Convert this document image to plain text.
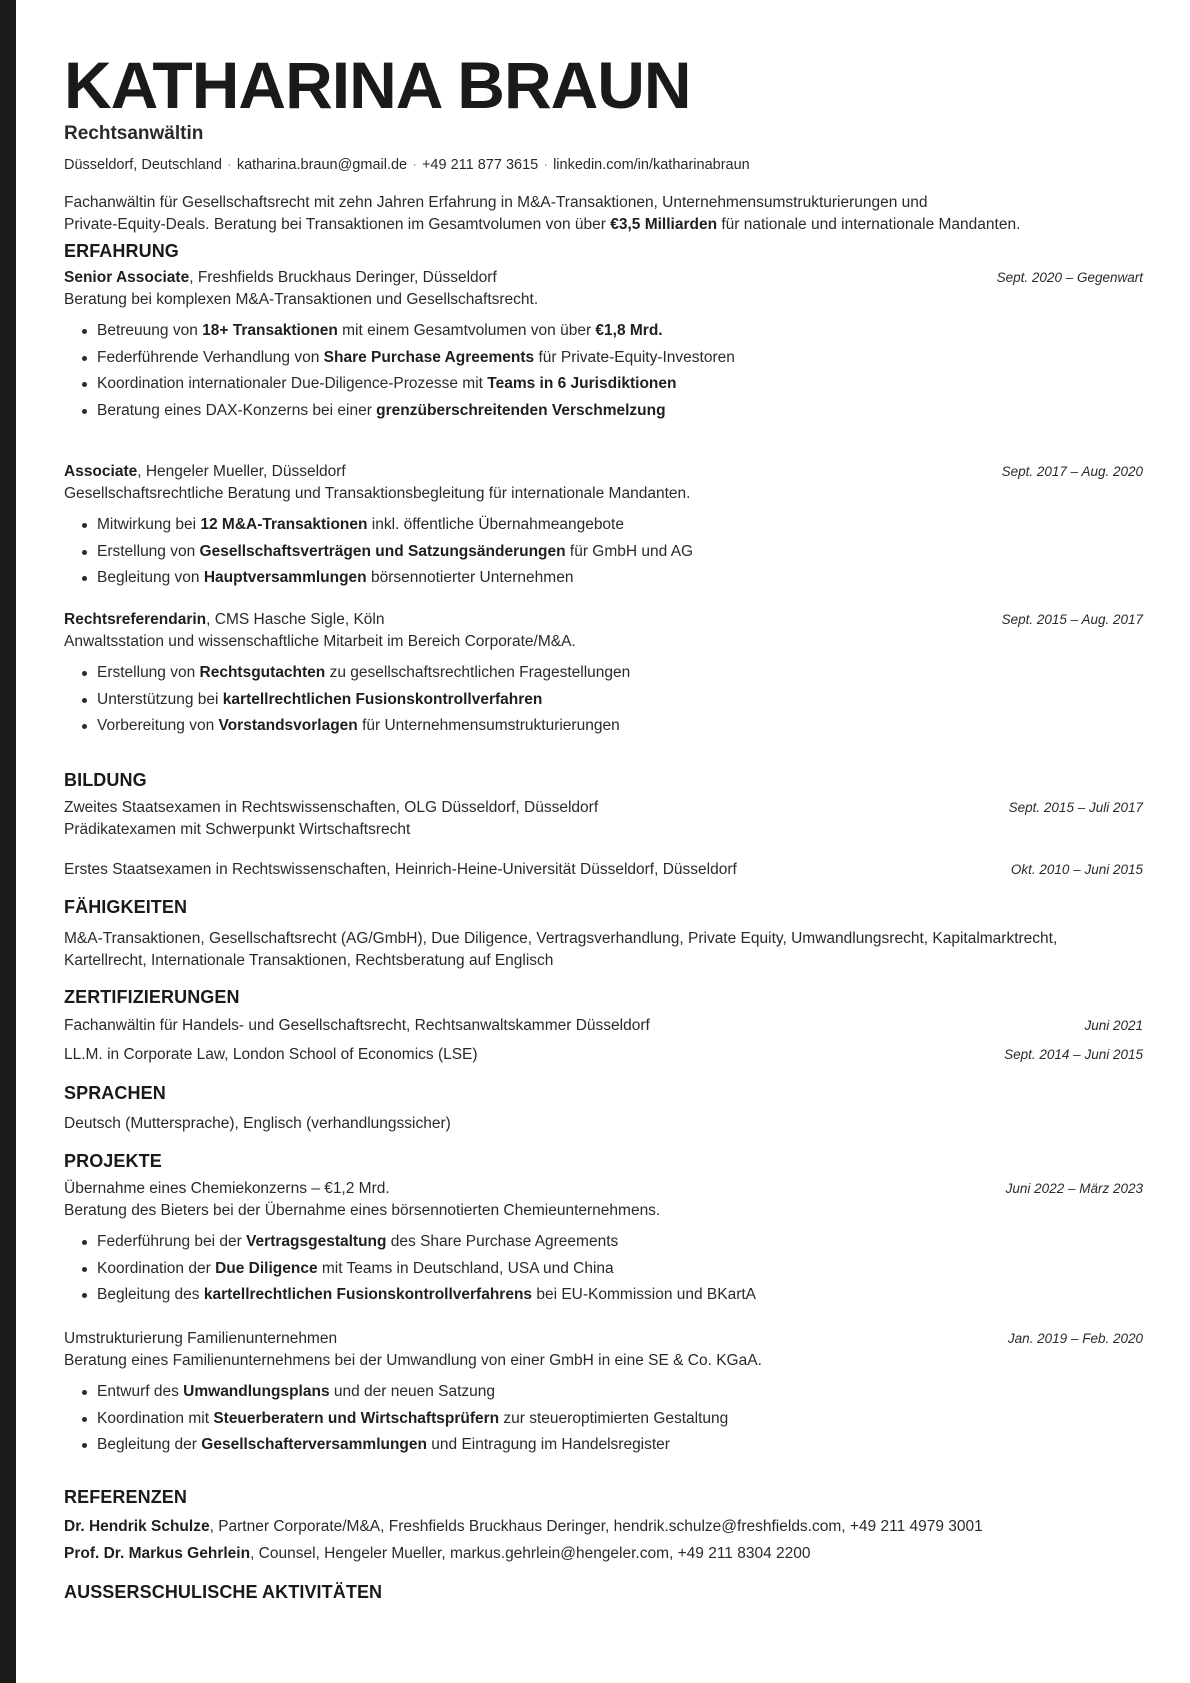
KATHARINA BRAUN
Rechtsanwältin
Düsseldorf, Deutschland · katharina.braun@gmail.de · +49 211 877 3615 · linkedin.com/in/katharinabraun
Fachanwältin für Gesellschaftsrecht mit zehn Jahren Erfahrung in M&A-Transaktionen, Unternehmensumstrukturierungen und
Private-Equity-Deals. Beratung bei Transaktionen im Gesamtvolumen von über €3,5 Milliarden für nationale und internationale Mandanten.
ERFAHRUNG
Senior Associate, Freshfields Bruckhaus Deringer, Düsseldorf	Sept. 2020 – Gegenwart
Beratung bei komplexen M&A-Transaktionen und Gesellschaftsrecht.
Betreuung von 18+ Transaktionen mit einem Gesamtvolumen von über €1,8 Mrd.
Federführende Verhandlung von Share Purchase Agreements für Private-Equity-Investoren
Koordination internationaler Due-Diligence-Prozesse mit Teams in 6 Jurisdiktionen
Beratung eines DAX-Konzerns bei einer grenzüberschreitenden Verschmelzung
Associate, Hengeler Mueller, Düsseldorf	Sept. 2017 – Aug. 2020
Gesellschaftsrechtliche Beratung und Transaktionsbegleitung für internationale Mandanten.
Mitwirkung bei 12 M&A-Transaktionen inkl. öffentliche Übernahmeangebote
Erstellung von Gesellschaftsverträgen und Satzungsänderungen für GmbH und AG
Begleitung von Hauptversammlungen börsennotierter Unternehmen
Rechtsreferendarin, CMS Hasche Sigle, Köln	Sept. 2015 – Aug. 2017
Anwaltsstation und wissenschaftliche Mitarbeit im Bereich Corporate/M&A.
Erstellung von Rechtsgutachten zu gesellschaftsrechtlichen Fragestellungen
Unterstützung bei kartellrechtlichen Fusionskontrollverfahren
Vorbereitung von Vorstandsvorlagen für Unternehmensumstrukturierungen
BILDUNG
Zweites Staatsexamen in Rechtswissenschaften, OLG Düsseldorf, Düsseldorf	Sept. 2015 – Juli 2017
Prädikatexamen mit Schwerpunkt Wirtschaftsrecht
Erstes Staatsexamen in Rechtswissenschaften, Heinrich-Heine-Universität Düsseldorf, Düsseldorf	Okt. 2010 – Juni 2015
FÄHIGKEITEN
M&A-Transaktionen, Gesellschaftsrecht (AG/GmbH), Due Diligence, Vertragsverhandlung, Private Equity, Umwandlungsrecht, Kapitalmarktrecht,
Kartellrecht, Internationale Transaktionen, Rechtsberatung auf Englisch
ZERTIFIZIERUNGEN
Fachanwältin für Handels- und Gesellschaftsrecht, Rechtsanwaltskammer Düsseldorf	Juni 2021
LL.M. in Corporate Law, London School of Economics (LSE)	Sept. 2014 – Juni 2015
SPRACHEN
Deutsch (Muttersprache), Englisch (verhandlungssicher)
PROJEKTE
Übernahme eines Chemiekonzerns – €1,2 Mrd.	Juni 2022 – März 2023
Beratung des Bieters bei der Übernahme eines börsennotierten Chemieunternehmens.
Federführung bei der Vertragsgestaltung des Share Purchase Agreements
Koordination der Due Diligence mit Teams in Deutschland, USA und China
Begleitung des kartellrechtlichen Fusionskontrollverfahrens bei EU-Kommission und BKartA
Umstrukturierung Familienunternehmen	Jan. 2019 – Feb. 2020
Beratung eines Familienunternehmens bei der Umwandlung von einer GmbH in eine SE & Co. KGaA.
Entwurf des Umwandlungsplans und der neuen Satzung
Koordination mit Steuerberatern und Wirtschaftsprüfern zur steueroptimierten Gestaltung
Begleitung der Gesellschafterversammlungen und Eintragung im Handelsregister
REFERENZEN
Dr. Hendrik Schulze, Partner Corporate/M&A, Freshfields Bruckhaus Deringer, hendrik.schulze@freshfields.com, +49 211 4979 3001
Prof. Dr. Markus Gehrlein, Counsel, Hengeler Mueller, markus.gehrlein@hengeler.com, +49 211 8304 2200
AUSSERSCHULISCHE AKTIVITÄTEN
